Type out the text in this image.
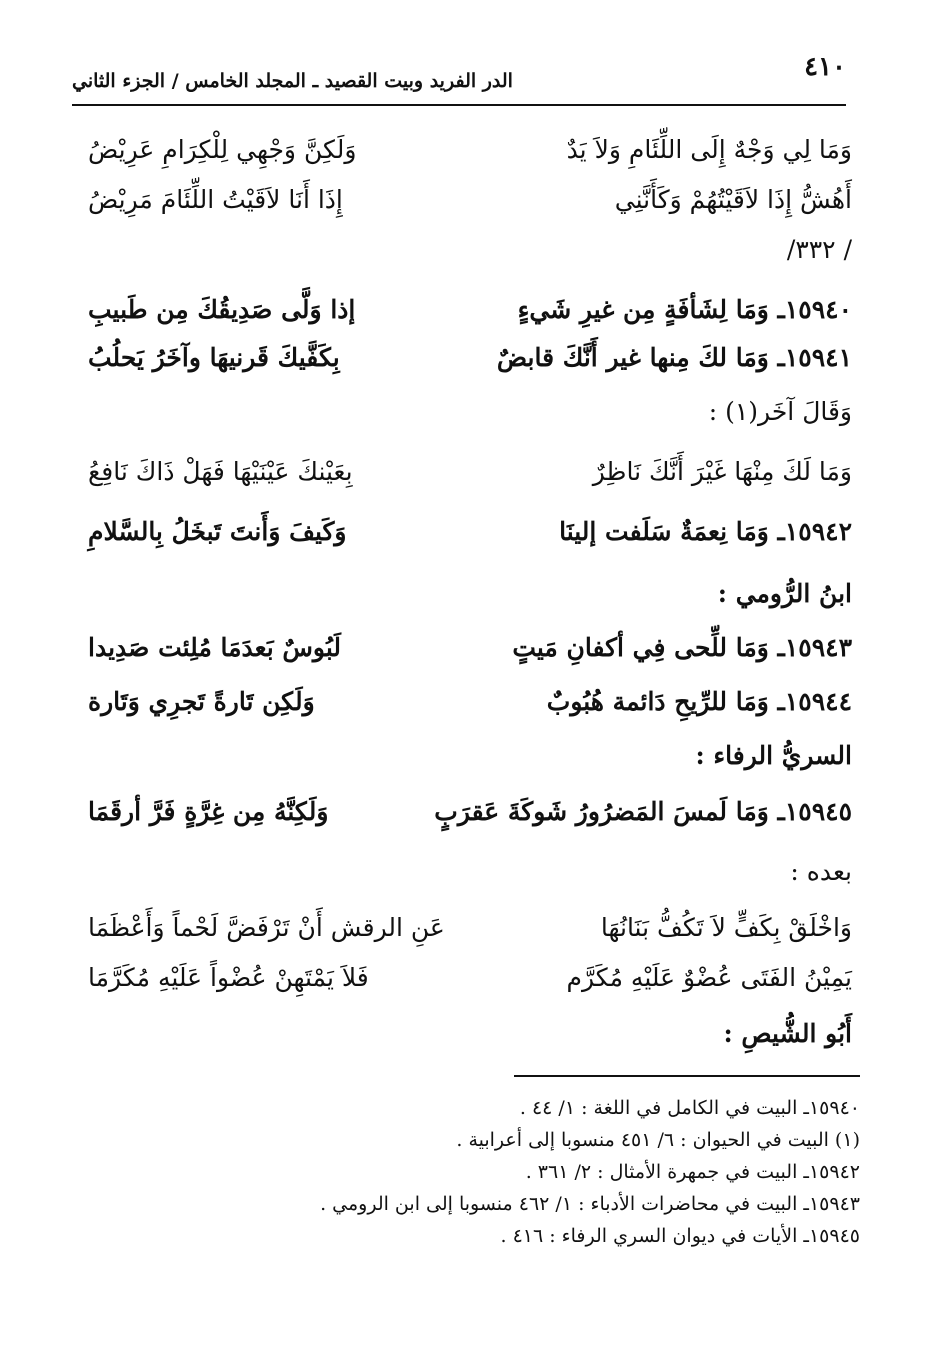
٤١٠
الدر الفريد وبيت القصيد ـ المجلد الخامس / الجزء الثاني
وَمَا لِي وَجْهٌ إِلَى اللِّئَامِ وَلاَ يَدٌ
وَلَكِنَّ وَجْهِي لِلْكِرَامِ عَرِيْضُ
أَهُشُّ إِذَا لاَقَيْتُهُمْ وَكَأَنَّنِي
إِذَا أَنَا لاَقَيْتُ اللِّئَامَ مَرِيْضُ
/ ٣٣٢/
١٥٩٤٠ـ وَمَا لِشَأفَةٍ مِن غيرِ شَيءٍ
إذا وَلَّى صَدِيقُكَ مِن طَبيبِ
١٥٩٤١ـ وَمَا لكَ مِنها غير أَنَّكَ قابضٌ
بِكَفَّيكَ قَرنيهَا وآخَرُ يَحلُبُ
وَقَالَ آخَر(١) :
وَمَا لَكَ مِنْهَا غَيْرَ أَنَّكَ نَاظِرٌ
بِعَيْنكَ عَيْنَيْهَا فَهَلْ ذَاكَ نَافِعُ
١٥٩٤٢ـ وَمَا نِعمَةٌ سَلَفت إلينَا
وَكَيفَ وَأَنتَ تَبخَلُ بِالسَّلامِ
ابنُ الرُّومي :
١٥٩٤٣ـ وَمَا للِّحى فِي أكفانِ مَيتٍ
لَبُوسٌ بَعدَمَا مُلِئت صَدِيدا
١٥٩٤٤ـ وَمَا للرِّيحِ دَائمة هُبُوبٌ
وَلَكِن تَارةً تَجرِي وَتَارة
السريُّ الرفاء :
١٥٩٤٥ـ وَمَا لَمسَ المَضرُورُ شَوكَةَ عَقرَبٍ
وَلَكِنَّهُ مِن غِرَّةٍ فَرَّ أرقَمَا
بعده :
وَاخْلَقْ بِكَفٍّ لاَ تَكُفُّ بَنَانُهَا
عَنِ الرقش أَنْ تَرْفَضَّ لَحْماً وَأَعْظَمَا
يَمِيْنُ الفَتَى عُضْوٌ عَلَيْهِ مُكَرَّم
فَلاَ يَمْتَهِنْ عُضْواً عَلَيْهِ مُكَرَّمَا
أَبُو الشُّيصِ :
١٥٩٤٠ـ البيت في الكامل في اللغة : ١/ ٤٤ .
(١) البيت في الحيوان : ٦/ ٤٥١ منسوبا إلى أعرابية .
١٥٩٤٢ـ البيت في جمهرة الأمثال : ٢/ ٣٦١ .
١٥٩٤٣ـ البيت في محاضرات الأدباء : ١/ ٤٦٢ منسوبا إلى ابن الرومي .
١٥٩٤٥ـ الأيات في ديوان السري الرفاء : ٤١٦ .
